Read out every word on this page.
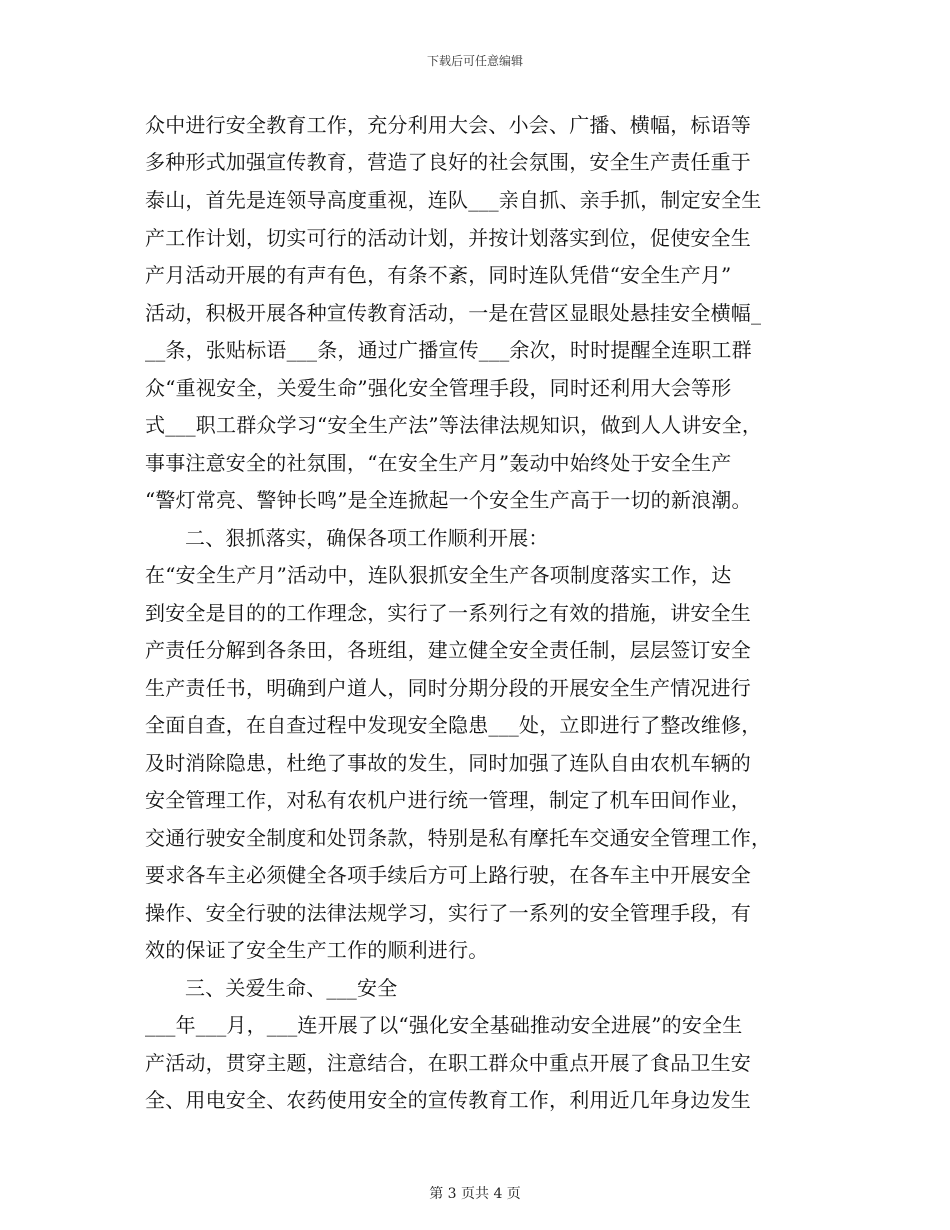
下载后可任意编辑
众中进行安全教育工作，充分利用大会、小会、广播、横幅，标语等
多种形式加强宣传教育，营造了良好的社会氛围，安全生产责任重于
泰山，首先是连领导高度重视，连队___亲自抓、亲手抓，制定安全生
产工作计划，切实可行的活动计划，并按计划落实到位，促使安全生
产月活动开展的有声有色，有条不紊，同时连队凭借“安全生产月”
活动，积极开展各种宣传教育活动，一是在营区显眼处悬挂安全横幅_
__条，张贴标语___条，通过广播宣传___余次，时时提醒全连职工群
众“重视安全，关爱生命”强化安全管理手段，同时还利用大会等形
式___职工群众学习“安全生产法”等法律法规知识，做到人人讲安全，
事事注意安全的社氛围，“在安全生产月”轰动中始终处于安全生产
“警灯常亮、警钟长鸣”是全连掀起一个安全生产高于一切的新浪潮。
二、狠抓落实，确保各项工作顺利开展：
在“安全生产月”活动中，连队狠抓安全生产各项制度落实工作，达
到安全是目的的工作理念，实行了一系列行之有效的措施，讲安全生
产责任分解到各条田，各班组，建立健全安全责任制，层层签订安全
生产责任书，明确到户道人，同时分期分段的开展安全生产情况进行
全面自查，在自查过程中发现安全隐患___处，立即进行了整改维修，
及时消除隐患，杜绝了事故的发生，同时加强了连队自由农机车辆的
安全管理工作，对私有农机户进行统一管理，制定了机车田间作业，
交通行驶安全制度和处罚条款，特别是私有摩托车交通安全管理工作，
要求各车主必须健全各项手续后方可上路行驶，在各车主中开展安全
操作、安全行驶的法律法规学习，实行了一系列的安全管理手段，有
效的保证了安全生产工作的顺利进行。
三、关爱生命、___安全
___年___月，___连开展了以“强化安全基础推动安全进展”的安全生
产活动，贯穿主题，注意结合，在职工群众中重点开展了食品卫生安
全、用电安全、农药使用安全的宣传教育工作，利用近几年身边发生
第 3 页共 4 页
